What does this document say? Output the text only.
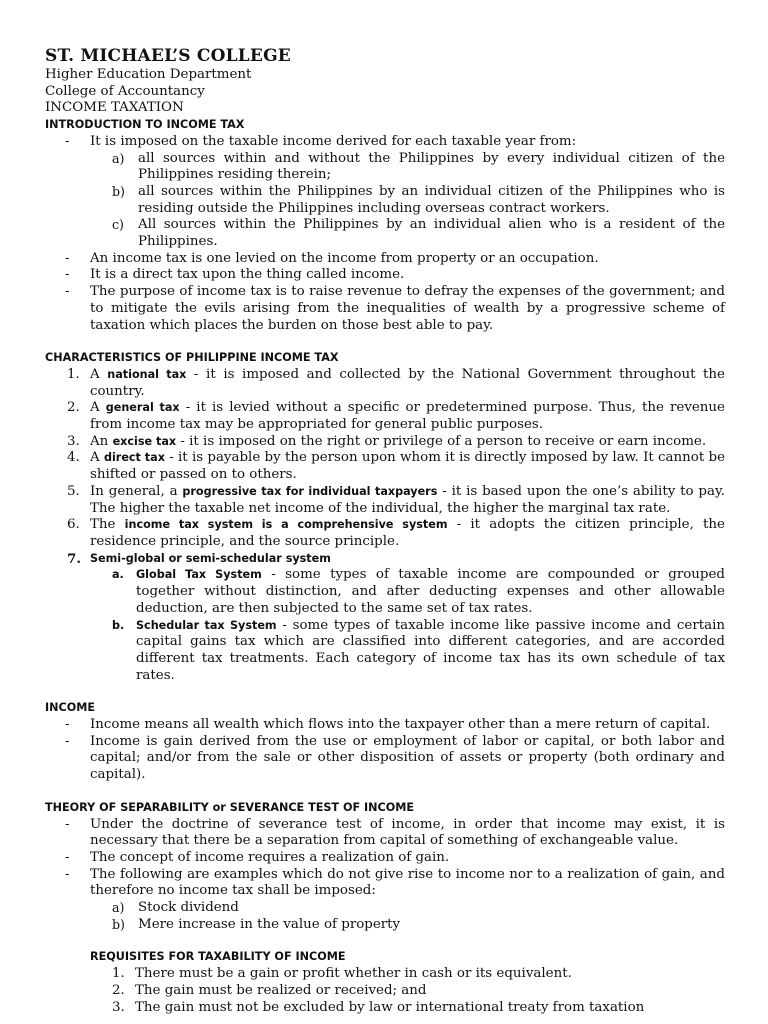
ST. MICHAEL’S COLLEGE

Higher Education Department

College of Accountancy

INCOME TAXATION

INTRODUCTION TO INCOME TAX

- It is imposed on the taxable income derived for each taxable year from:

a) all sources within and without the Philippines by every individual citizen of the Philippines residing therein;

b) all sources within the Philippines by an individual citizen of the Philippines who is residing outside the Philippines including overseas contract workers.

c) All sources within the Philippines by an individual alien who is a resident of the Philippines.

- An income tax is one levied on the income from property or an occupation.

- It is a direct tax upon the thing called income.

- The purpose of income tax is to raise revenue to defray the expenses of the government; and to mitigate the evils arising from the inequalities of wealth by a progressive scheme of taxation which places the burden on those best able to pay.

CHARACTERISTICS OF PHILIPPINE INCOME TAX

1. A national tax - it is imposed and collected by the National Government throughout the country.

2. A general tax - it is levied without a specific or predetermined purpose. Thus, the revenue from income tax may be appropriated for general public purposes.

3. An excise tax - it is imposed on the right or privilege of a person to receive or earn income.

4. A direct tax - it is payable by the person upon whom it is directly imposed by law. It cannot be shifted or passed on to others.

5. In general, a progressive tax for individual taxpayers - it is based upon the one’s ability to pay. The higher the taxable net income of the individual, the higher the marginal tax rate.

6. The income tax system is a comprehensive system - it adopts the citizen principle, the residence principle, and the source principle.

7. Semi-global or semi-schedular system

a. Global Tax System - some types of taxable income are compounded or grouped together without distinction, and after deducting expenses and other allowable deduction, are then subjected to the same set of tax rates.

b. Schedular tax System - some types of taxable income like passive income and certain capital gains tax which are classified into different categories, and are accorded different tax treatments. Each category of income tax has its own schedule of tax rates.

INCOME

- Income means all wealth which flows into the taxpayer other than a mere return of capital.

- Income is gain derived from the use or employment of labor or capital, or both labor and capital; and/or from the sale or other disposition of assets or property (both ordinary and capital).

THEORY OF SEPARABILITY or SEVERANCE TEST OF INCOME

- Under the doctrine of severance test of income, in order that income may exist, it is necessary that there be a separation from capital of something of exchangeable value.

- The concept of income requires a realization of gain.

- The following are examples which do not give rise to income nor to a realization of gain, and therefore no income tax shall be imposed:

a) Stock dividend

b) Mere increase in the value of property

REQUISITES FOR TAXABILITY OF INCOME

1. There must be a gain or profit whether in cash or its equivalent.

2. The gain must be realized or received; and

3. The gain must not be excluded by law or international treaty from taxation
